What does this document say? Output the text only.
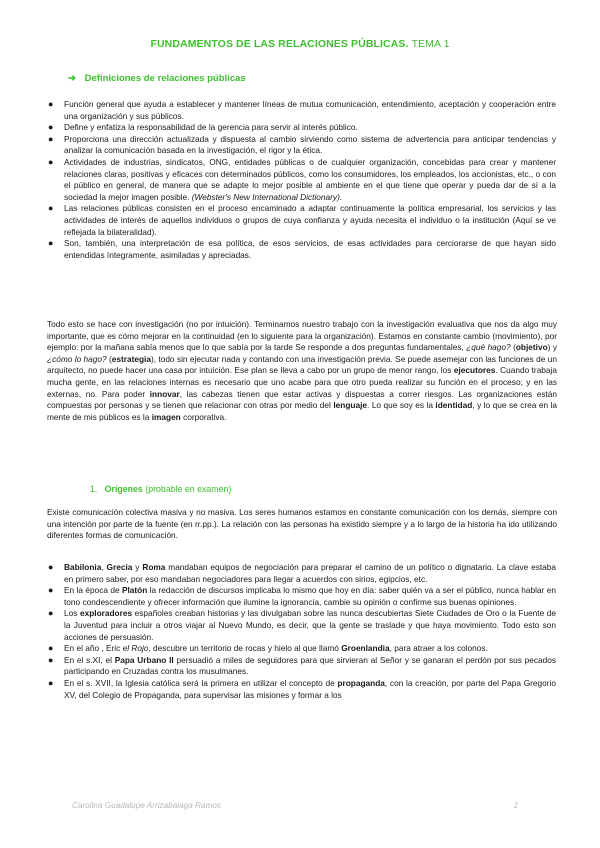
FUNDAMENTOS DE LAS RELACIONES PÚBLICAS. TEMA 1
➔ Definiciones de relaciones públicas
● Función general que ayuda a establecer y mantener líneas de mutua comunicación, entendimiento, aceptación y cooperación entre una organización y sus públicos.
● Define y enfatiza la responsabilidad de la gerencia para servir al interés público.
● Proporciona una dirección actualizada y dispuesta al cambio sirviendo como sistema de advertencia para anticipar tendencias y analizar la comunicación basada en la investigación, el rigor y la ética.
● Actividades de industrias, sindicatos, ONG, entidades públicas o de cualquier organización, concebidas para crear y mantener relaciones claras, positivas y eficaces con determinados públicos, como los consumidores, los empleados, los accionistas, etc., o con el público en general, de manera que se adapte lo mejor posible al ambiente en el que tiene que operar y pueda dar de sí a la sociedad la mejor imagen posible. (Webster's New International Dictionary).
● Las relaciones públicas consisten en el proceso encaminado a adaptar continuamente la política empresarial, los servicios y las actividades de interés de aquellos individuos o grupos de cuya confianza y ayuda necesita el individuo o la institución (Aquí se ve reflejada la bilateralidad).
● Son, también, una interpretación de esa política, de esos servicios, de esas actividades para cerciorarse de que hayan sido entendidas íntegramente, asimiladas y apreciadas.
Todo esto se hace con investigación (no por intuición). Terminamos nuestro trabajo con la investigación evaluativa que nos da algo muy importante, que es cómo mejorar en la continuidad (en lo siguiente para la organización). Estamos en constante cambio (movimiento), por ejemplo: por la mañana sabía menos que lo que sabía por la tarde Se responde a dos preguntas fundamentales, ¿qué hago? (objetivo) y ¿cómo lo hago? (estrategia), todo sin ejecutar nada y contando con una investigación previa. Se puede asemejar con las funciones de un arquitecto, no puede hacer una casa por intuición. Ese plan se lleva a cabo por un grupo de menor rango, los ejecutores. Cuando trabaja mucha gente, en las relaciones internas es necesario que uno acabe para que otro pueda realizar su función en el proceso; y en las externas, no. Para poder innovar, las cabezas tienen que estar activas y dispuestas a correr riesgos. Las organizaciones están compuestas por personas y se tienen que relacionar con otras por medio del lenguaje. Lo que soy es la identidad, y lo que se crea en la mente de mis públicos es la imagen corporativa.
1. Orígenes (probable en examen)
Existe comunicación colectiva masiva y no masiva. Los seres humanos estamos en constante comunicación con los demás, siempre con una intención por parte de la fuente (en rr.pp.). La relación con las personas ha existido siempre y a lo largo de la historia ha ido utilizando diferentes formas de comunicación.
● Babilonia, Grecia y Roma mandaban equipos de negociación para preparar el camino de un político o dignatario. La clave estaba en primero saber, por eso mandaban negociadores para llegar a acuerdos con sirios, egipcios, etc.
● En la época de Platón la redacción de discursos implicaba lo mismo que hoy en día: saber quién va a ser el público, nunca hablar en tono condescendiente y ofrecer información que ilumine la ignorancia, cambie su opinión o confirme sus buenas opiniones.
● Los exploradores españoles creaban historias y las divulgaban sobre las nunca descubiertas Siete Ciudades de Oro o la Fuente de la Juventud para incluir a otros viajar al Nuevo Mundo, es decir, que la gente se traslade y que haya movimiento. Todo esto son acciones de persuasión.
● En el año , Eric el Rojo, descubre un territorio de rocas y hielo al que llamó Groenlandia, para atraer a los colonos.
● En el s.XI, el Papa Urbano II persuadió a miles de seguidores para que sirvieran al Señor y se ganaran el perdón por sus pecados participando en Cruzadas contra los musulmanes.
● En el s. XVII, la Iglesia católica será la primera en utilizar el concepto de propaganda, con la creación, por parte del Papa Gregorio XV, del Colegio de Propaganda, para supervisar las misiones y formar a los
Carolina Guadalupe Arrizabalaga Ramos	1
